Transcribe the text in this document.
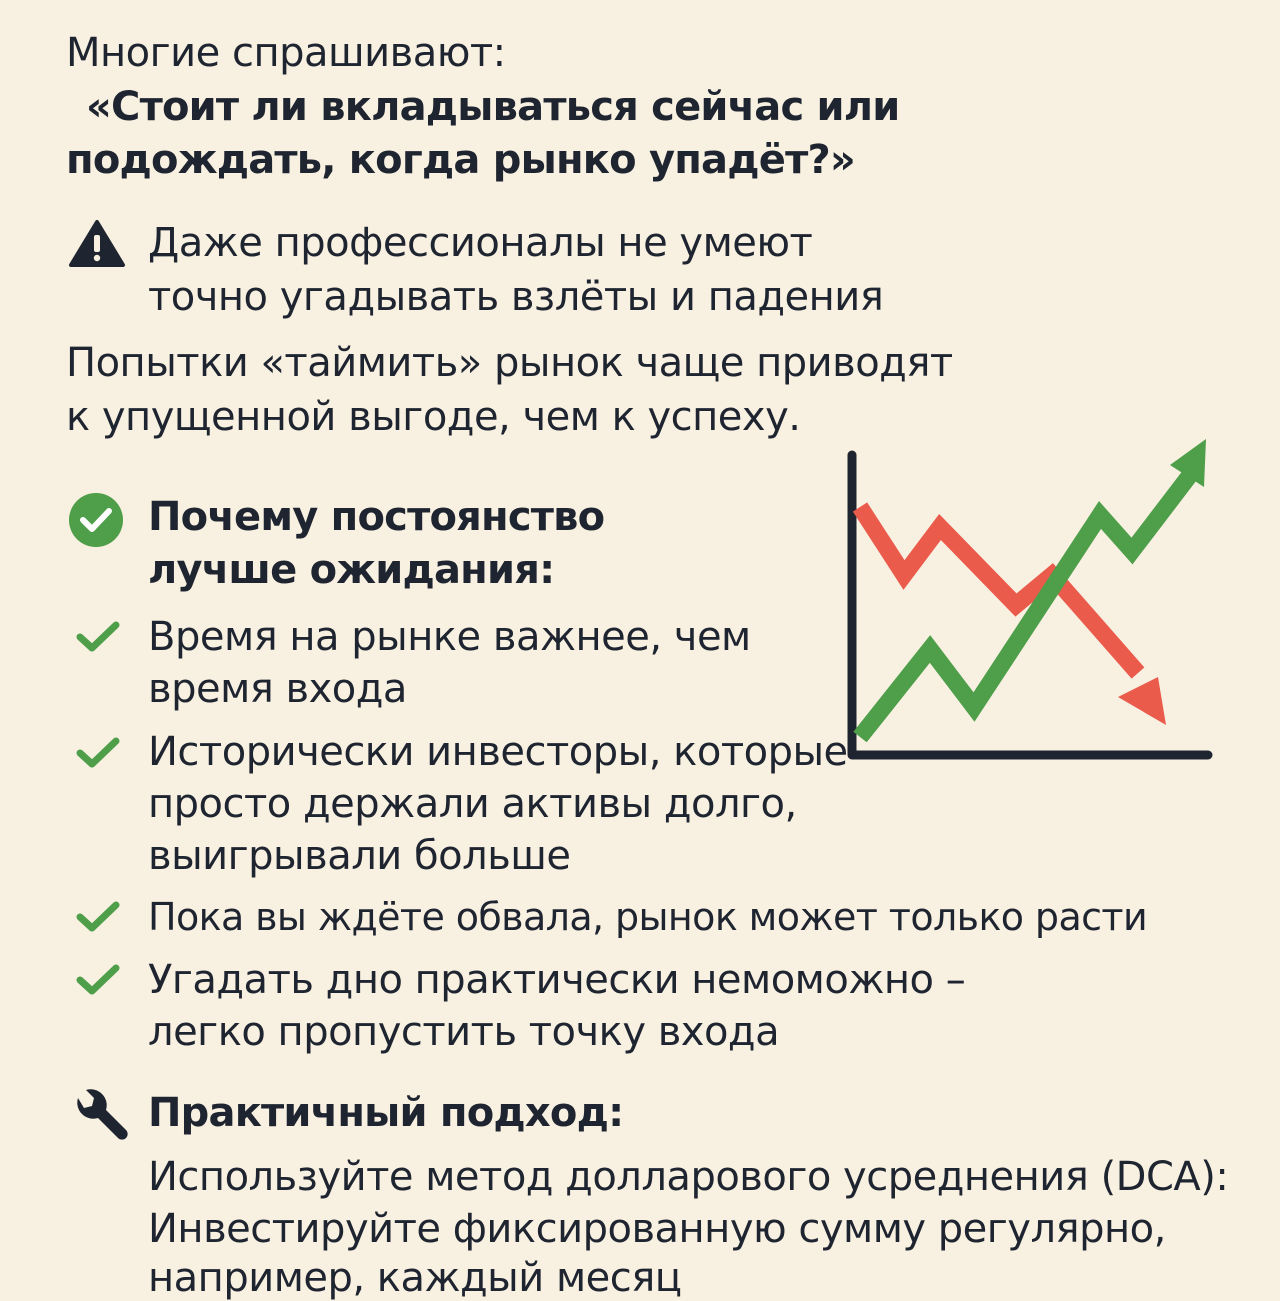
Многие спрашивают:

«Стоит ли вкладываться сейчас или

подождать, когда рынко упадёт?»

Даже профессионалы не умеют

точно угадывать взлёты и падения

Попытки «таймить» рынок чаще приводят

к упущенной выгоде, чем к успеху.

Почему постоянство

лучше ожидания:

Время на рынке важнее, чем

время входа

Исторически инвесторы, которые

просто держали активы долго,

выигрывали больше

Пока вы ждёте обвала, рынок может только расти

Угадать дно практически немоможно –

легко пропустить точку входа

Практичный подход:

Используйте метод долларового усреднения (DCA):

Инвестируйте фиксированную сумму регулярно,

например, каждый месяц
